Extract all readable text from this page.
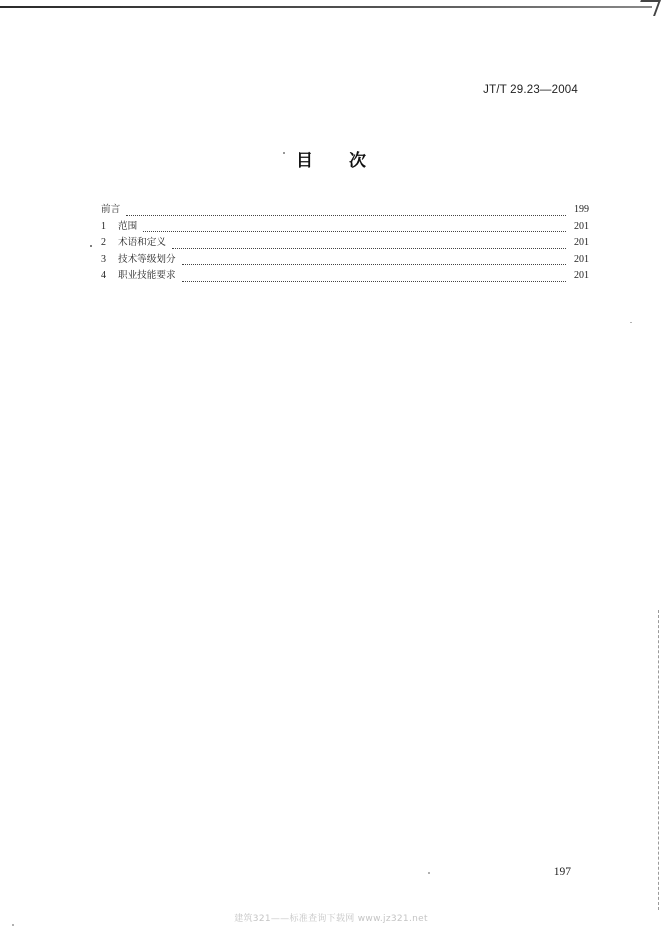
JT/T 29.23—2004
目 次
前言	199
1	范围	201
2	术语和定义	201
3	技术等级划分	201
4	职业技能要求	201
197
建筑321——标准查询下载网 www.jz321.net
